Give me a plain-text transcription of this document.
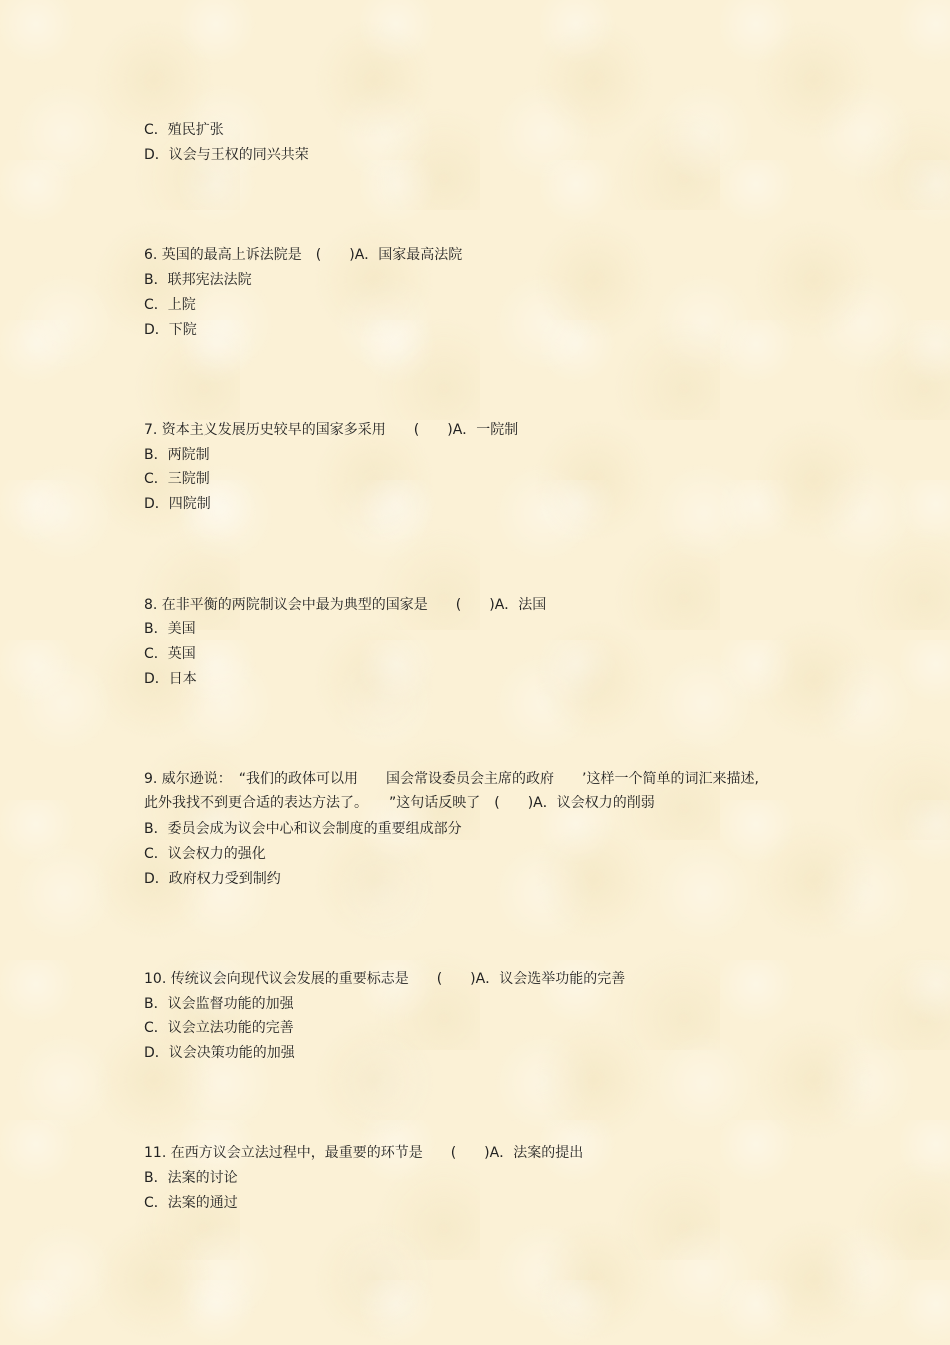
C．殖民扩张
D．议会与王权的同兴共荣
6. 英国的最高上诉法院是　(　　)A．国家最高法院
B．联邦宪法法院
C．上院
D．下院
7. 资本主义发展历史较早的国家多采用　　(　　)A．一院制
B．两院制
C．三院制
D．四院制
8. 在非平衡的两院制议会中最为典型的国家是　　(　　)A．法国
B．美国
C．英国
D．日本
9. 威尔逊说：　“我们的政体可以用　　国会常设委员会主席的政府　　’这样一个简单的词汇来描述,
此外我找不到更合适的表达方法了。　　”这句话反映了　(　　)A．议会权力的削弱
B．委员会成为议会中心和议会制度的重要组成部分
C．议会权力的强化
D．政府权力受到制约
10. 传统议会向现代议会发展的重要标志是　　(　　)A．议会选举功能的完善
B．议会监督功能的加强
C．议会立法功能的完善
D．议会决策功能的加强
11. 在西方议会立法过程中，最重要的环节是　　(　　)A．法案的提出
B．法案的讨论
C．法案的通过
